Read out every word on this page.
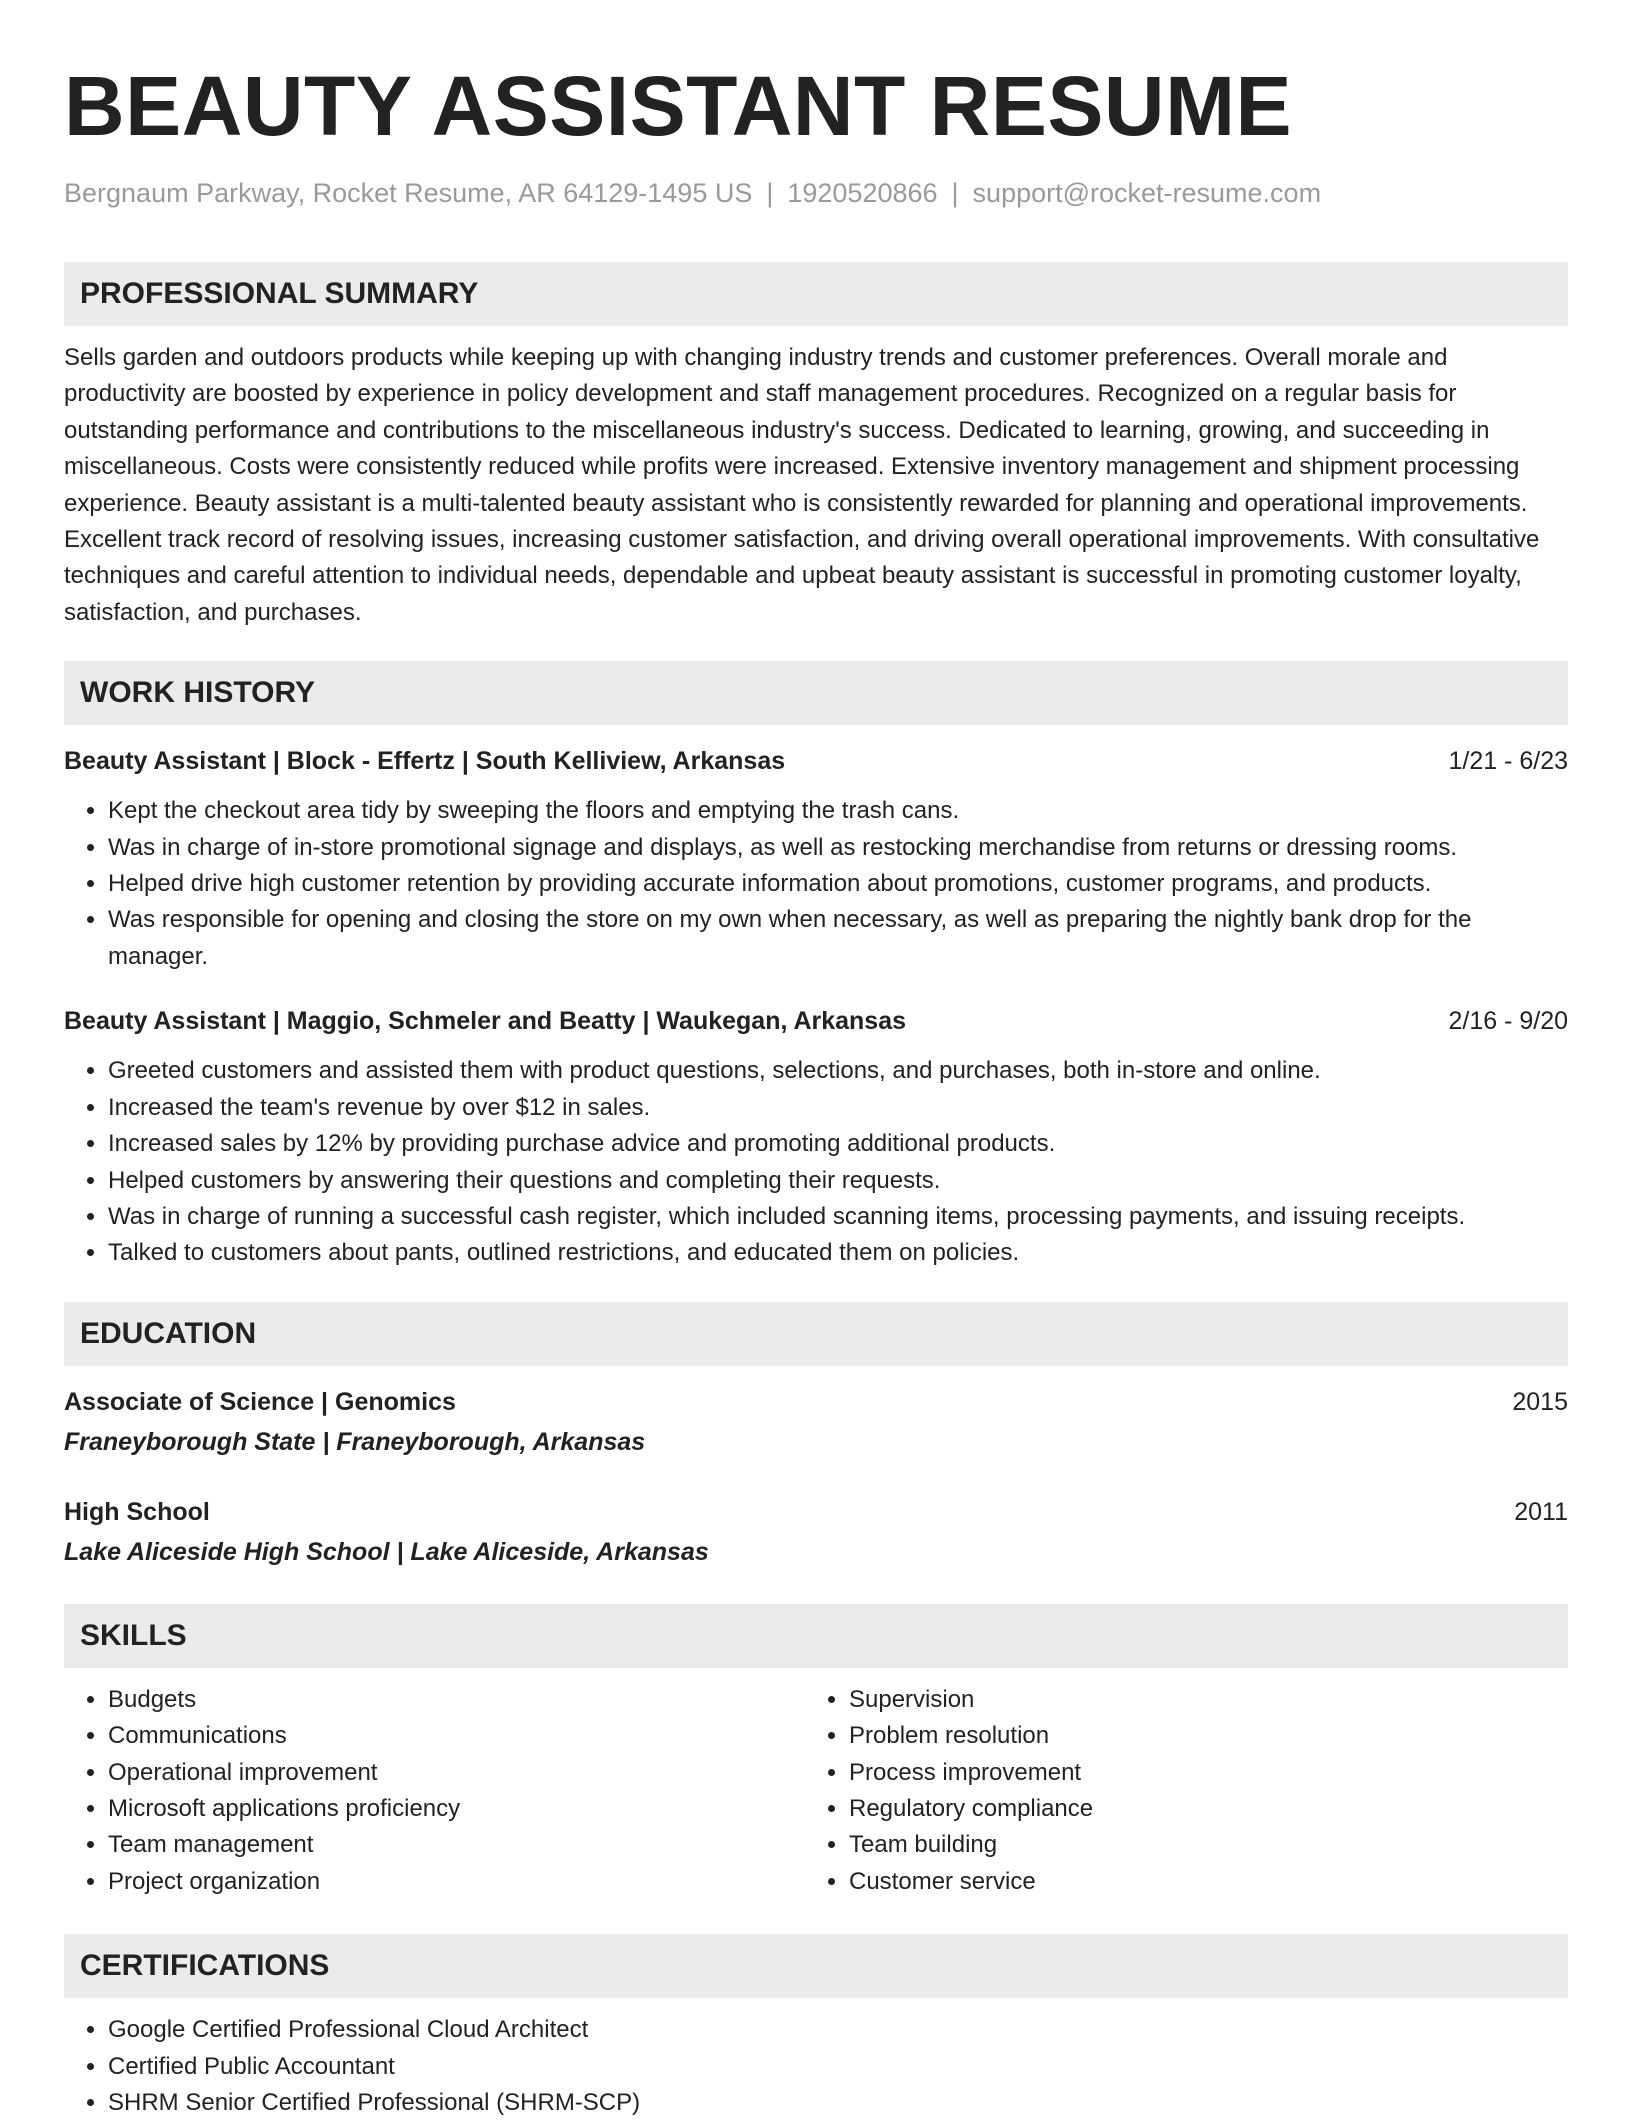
BEAUTY ASSISTANT RESUME
Bergnaum Parkway, Rocket Resume, AR 64129-1495 US | 1920520866 | support@rocket-resume.com
PROFESSIONAL SUMMARY

Sells garden and outdoors products while keeping up with changing industry trends and customer preferences. Overall morale and productivity are boosted by experience in policy development and staff management procedures. Recognized on a regular basis for outstanding performance and contributions to the miscellaneous industry's success. Dedicated to learning, growing, and succeeding in miscellaneous. Costs were consistently reduced while profits were increased. Extensive inventory management and shipment processing experience. Beauty assistant is a multi-talented beauty assistant who is consistently rewarded for planning and operational improvements. Excellent track record of resolving issues, increasing customer satisfaction, and driving overall operational improvements. With consultative techniques and careful attention to individual needs, dependable and upbeat beauty assistant is successful in promoting customer loyalty, satisfaction, and purchases.

WORK HISTORY
Beauty Assistant | Block - Effertz | South Kelliview, Arkansas	1/21 - 6/23
• Kept the checkout area tidy by sweeping the floors and emptying the trash cans.
• Was in charge of in-store promotional signage and displays, as well as restocking merchandise from returns or dressing rooms.
• Helped drive high customer retention by providing accurate information about promotions, customer programs, and products.
• Was responsible for opening and closing the store on my own when necessary, as well as preparing the nightly bank drop for the manager.
Beauty Assistant | Maggio, Schmeler and Beatty | Waukegan, Arkansas	2/16 - 9/20
• Greeted customers and assisted them with product questions, selections, and purchases, both in-store and online.
• Increased the team's revenue by over $12 in sales.
• Increased sales by 12% by providing purchase advice and promoting additional products.
• Helped customers by answering their questions and completing their requests.
• Was in charge of running a successful cash register, which included scanning items, processing payments, and issuing receipts.
• Talked to customers about pants, outlined restrictions, and educated them on policies.
EDUCATION
Associate of Science | Genomics	2015
Franeyborough State | Franeyborough, Arkansas
High School	2011
Lake Aliceside High School | Lake Aliceside, Arkansas
SKILLS
• Budgets
• Communications
• Operational improvement
• Microsoft applications proficiency
• Team management
• Project organization
• Supervision
• Problem resolution
• Process improvement
• Regulatory compliance
• Team building
• Customer service
CERTIFICATIONS
• Google Certified Professional Cloud Architect
• Certified Public Accountant
• SHRM Senior Certified Professional (SHRM-SCP)
